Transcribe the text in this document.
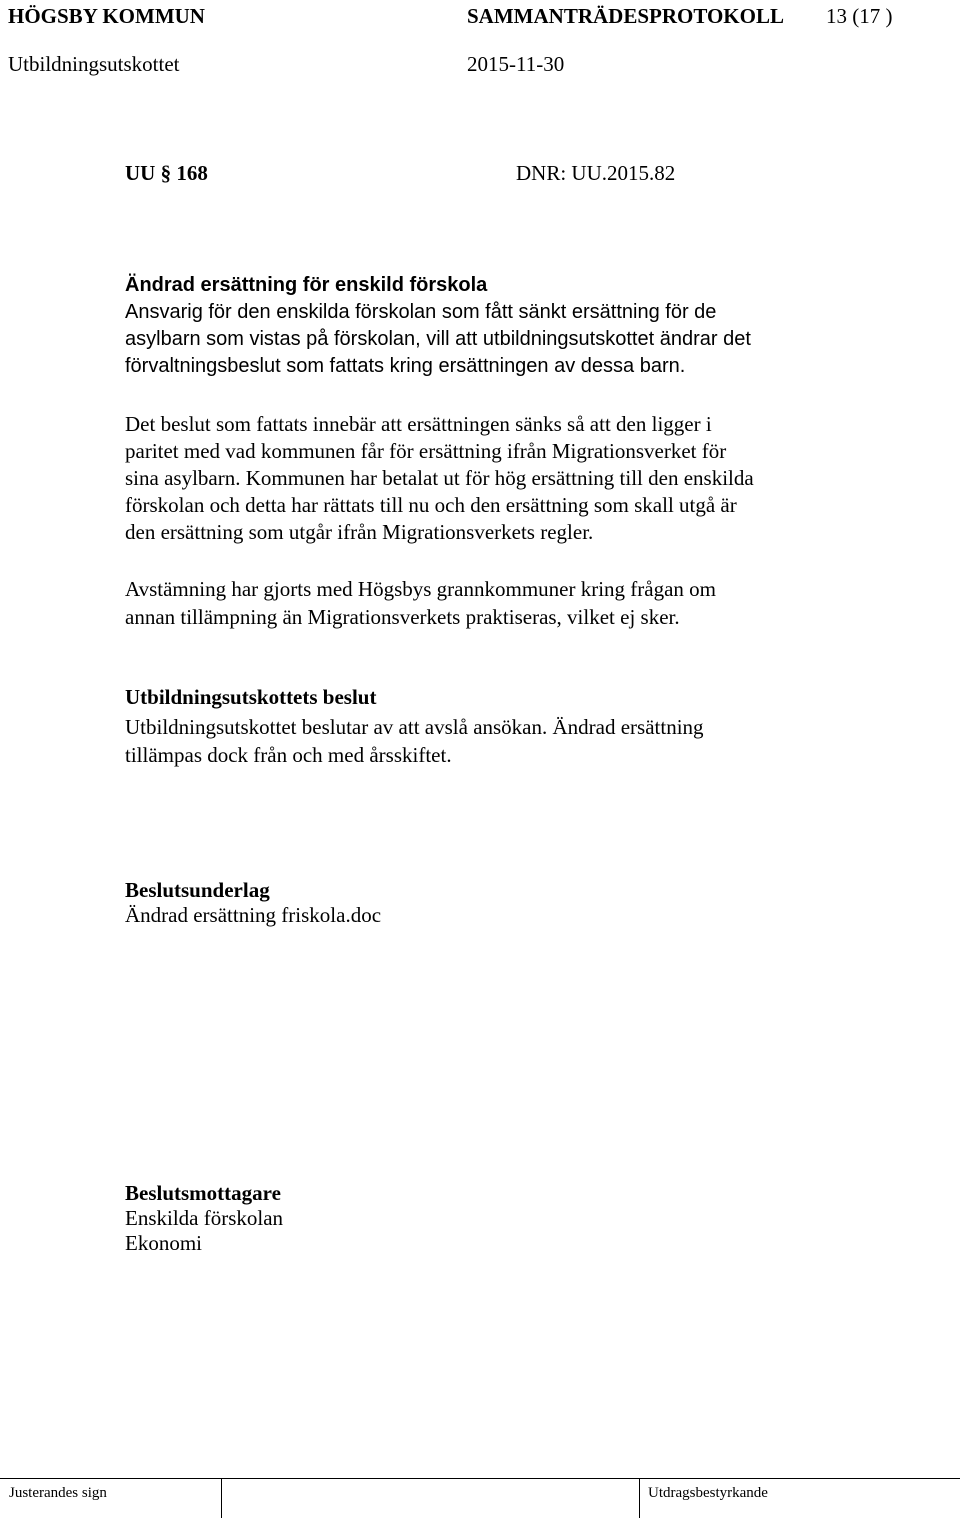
HÖGSBY KOMMUN	SAMMANTRÄDESPROTOKOLL 13 (17 )
Utbildningsutskottet	2015-11-30
UU § 168	DNR: UU.2015.82
Ändrad ersättning för enskild förskola
Ansvarig för den enskilda förskolan som fått sänkt ersättning för de
asylbarn som vistas på förskolan, vill att utbildningsutskottet ändrar det
förvaltningsbeslut som fattats kring ersättningen av dessa barn.
Det beslut som fattats innebär att ersättningen sänks så att den ligger i
paritet med vad kommunen får för ersättning ifrån Migrationsverket för
sina asylbarn. Kommunen har betalat ut för hög ersättning till den enskilda
förskolan och detta har rättats till nu och den ersättning som skall utgå är
den ersättning som utgår ifrån Migrationsverkets regler.
Avstämning har gjorts med Högsbys grannkommuner kring frågan om
annan tillämpning än Migrationsverkets praktiseras, vilket ej sker.
Utbildningsutskottets beslut
Utbildningsutskottet beslutar av att avslå ansökan. Ändrad ersättning
tillämpas dock från och med årsskiftet.
Beslutsunderlag
Ändrad ersättning friskola.doc
Beslutsmottagare
Enskilda förskolan
Ekonomi
Justerandes sign	Utdragsbestyrkande
